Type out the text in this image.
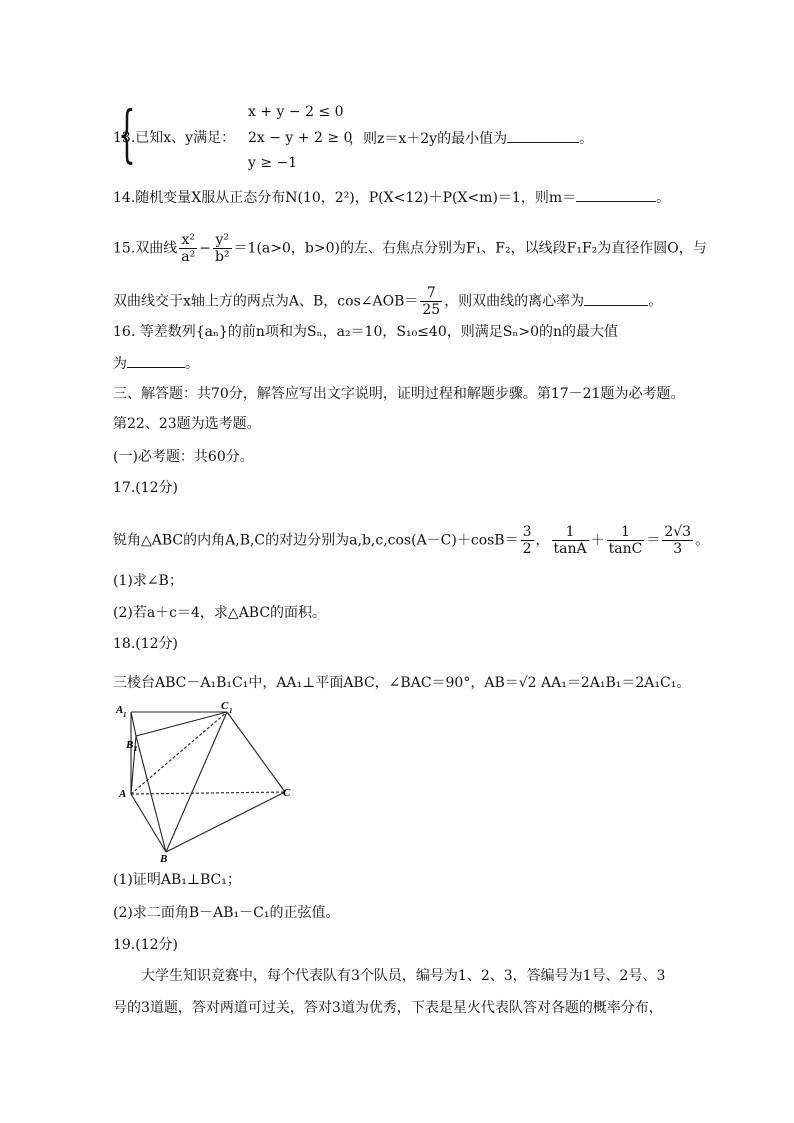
13.已知x、y满足：
{	x + y − 2 ≤ 0
2x − y + 2 ≥ 0
y ≥ −1
，则z＝x＋2y的最小值为	。
14.随机变量X服从正态分布N(10，2²)，P(X<12)＋P(X<m)＝1，则m＝	。
15.双曲线 $\frac{\text{x²}}{\text{a²}} - \frac{\text{y²}}{\text{b²}} =1(a>0$，b>0)的左、右焦点分别为F₁、F₂，以线段F₁F₂为直径作圆O，与
双曲线交于x轴上方的两点为A、B，cos∠AOB＝ $\frac{7}{25}$ ，则双曲线的离心率为	。
16. 等差数列{aₙ}的前n项和为Sₙ，a₂＝10，S₁₀≤40，则满足Sₙ>0的n的最大值
为	。
三、解答题：共70分，解答应写出文字说明，证明过程和解题步骤。第17－21题为必考题。
第22、23题为选考题。
(一)必考题：共60分。
17.(12分)
锐角△ABC的内角A,B,C的对边分别为$a,b,c,\cos(A-C)+\cos B= \frac{3}{2}$ ， $\frac{1}{\tan A} + \frac{1}{\tan C} = \frac{2√3}{3}$ 。
(1)求∠B；
(2)若a＋c＝4，求△ABC的面积。
18.(12分)
三棱台ABC－A₁B₁C₁中，AA₁⊥平面ABC，∠BAC＝90°，AB＝√2 AA₁＝2A₁B₁＝2A₁C₁。
A 1
C 1
B 1
A	C
B
(1)证明AB₁⊥BC₁；
(2)求二面角B－AB₁－C₁的正弦值。
19.(12分)
大学生知识竞赛中，每个代表队有3个队员，编号为1、2、3，答编号为1号、2号、3
号的3道题，答对两道可过关，答对3道为优秀，下表是星火代表队答对各题的概率分布，
